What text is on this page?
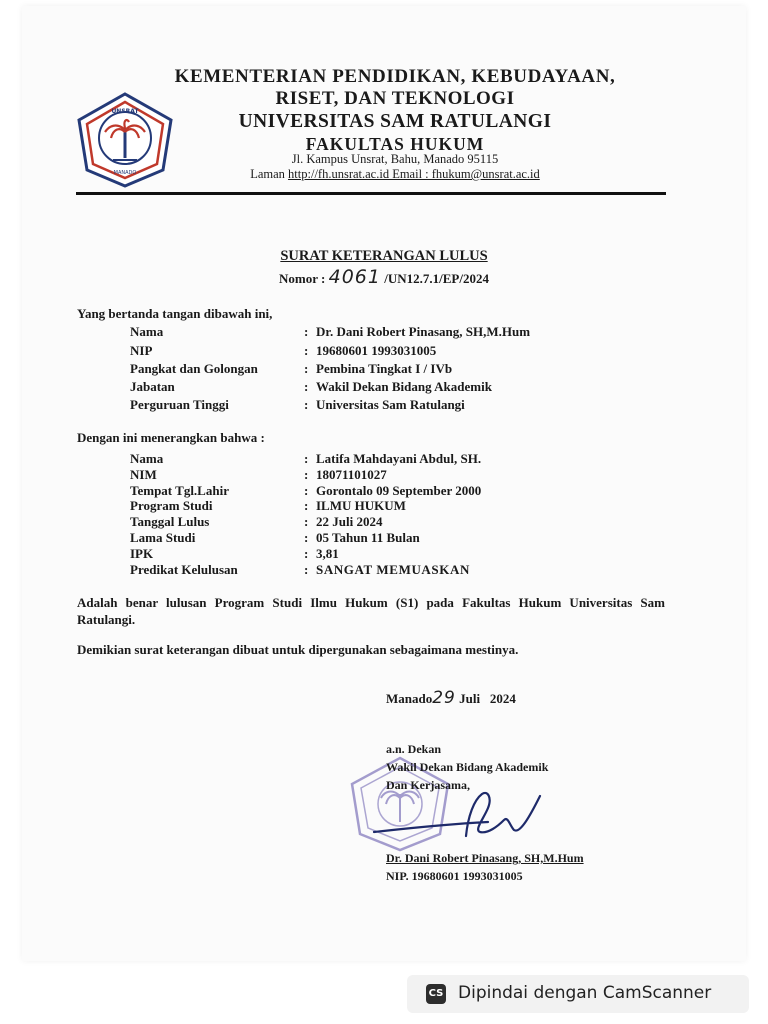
UNSRAT
· MANADO ·
KEMENTERIAN PENDIDIKAN, KEBUDAYAAN,
RISET, DAN TEKNOLOGI
UNIVERSITAS SAM RATULANGI
FAKULTAS HUKUM
Jl. Kampus Unsrat, Bahu, Manado 95115
Laman http://fh.unsrat.ac.id Email : fhukum@unsrat.ac.id
SURAT KETERANGAN LULUS
Nomor : 4061 /UN12.7.1/EP/2024
Yang bertanda tangan dibawah ini,
Nama	: Dr. Dani Robert Pinasang, SH,M.Hum
NIP	: 19680601 1993031005
Pangkat dan Golongan	: Pembina Tingkat I / IVb
Jabatan	: Wakil Dekan Bidang Akademik
Perguruan Tinggi	: Universitas Sam Ratulangi
Dengan ini menerangkan bahwa :
Nama	: Latifa Mahdayani Abdul, SH.
NIM	: 18071101027
Tempat Tgl.Lahir	: Gorontalo 09 September 2000
Program Studi	: ILMU HUKUM
Tanggal Lulus	: 22 Juli 2024
Lama Studi	: 05 Tahun 11 Bulan
IPK	: 3,81
Predikat Kelulusan	: SANGAT MEMUASKAN
Adalah benar lulusan Program Studi Ilmu Hukum (S1) pada Fakultas Hukum Universitas Sam Ratulangi.
Demikian surat keterangan dibuat untuk dipergunakan sebagaimana mestinya.
Manado29 Juli   2024
a.n. Dekan
Wakil Dekan Bidang Akademik
Dan Kerjasama,
Dr. Dani Robert Pinasang, SH,M.Hum
NIP. 19680601 1993031005
CS Dipindai dengan CamScanner
